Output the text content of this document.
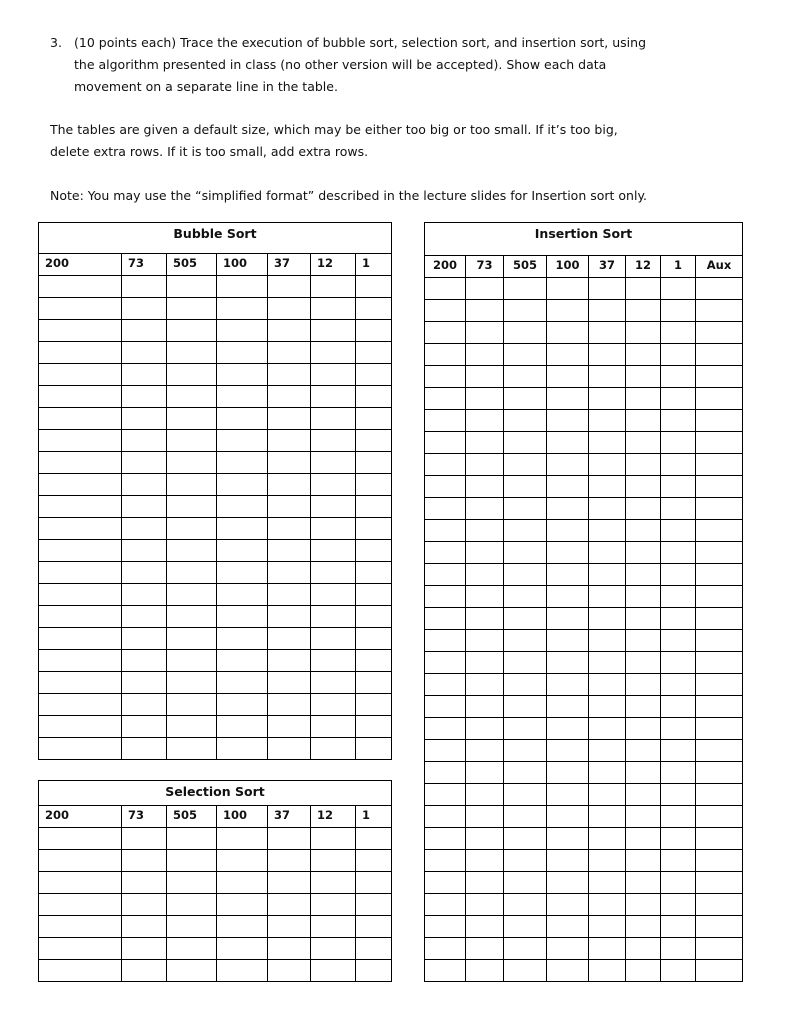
3. (10 points each) Trace the execution of bubble sort, selection sort, and insertion sort, using
the algorithm presented in class (no other version will be accepted). Show each data
movement on a separate line in the table.
The tables are given a default size, which may be either too big or too small. If it’s too big,
delete extra rows. If it is too small, add extra rows.
Note: You may use the “simplified format” described in the lecture slides for Insertion sort only.
Bubble Sort
200	73	505	100	37	12	1
Selection Sort
200	73	505	100	37	12	1
Insertion Sort
200	73	505	100	37	12	1	Aux
